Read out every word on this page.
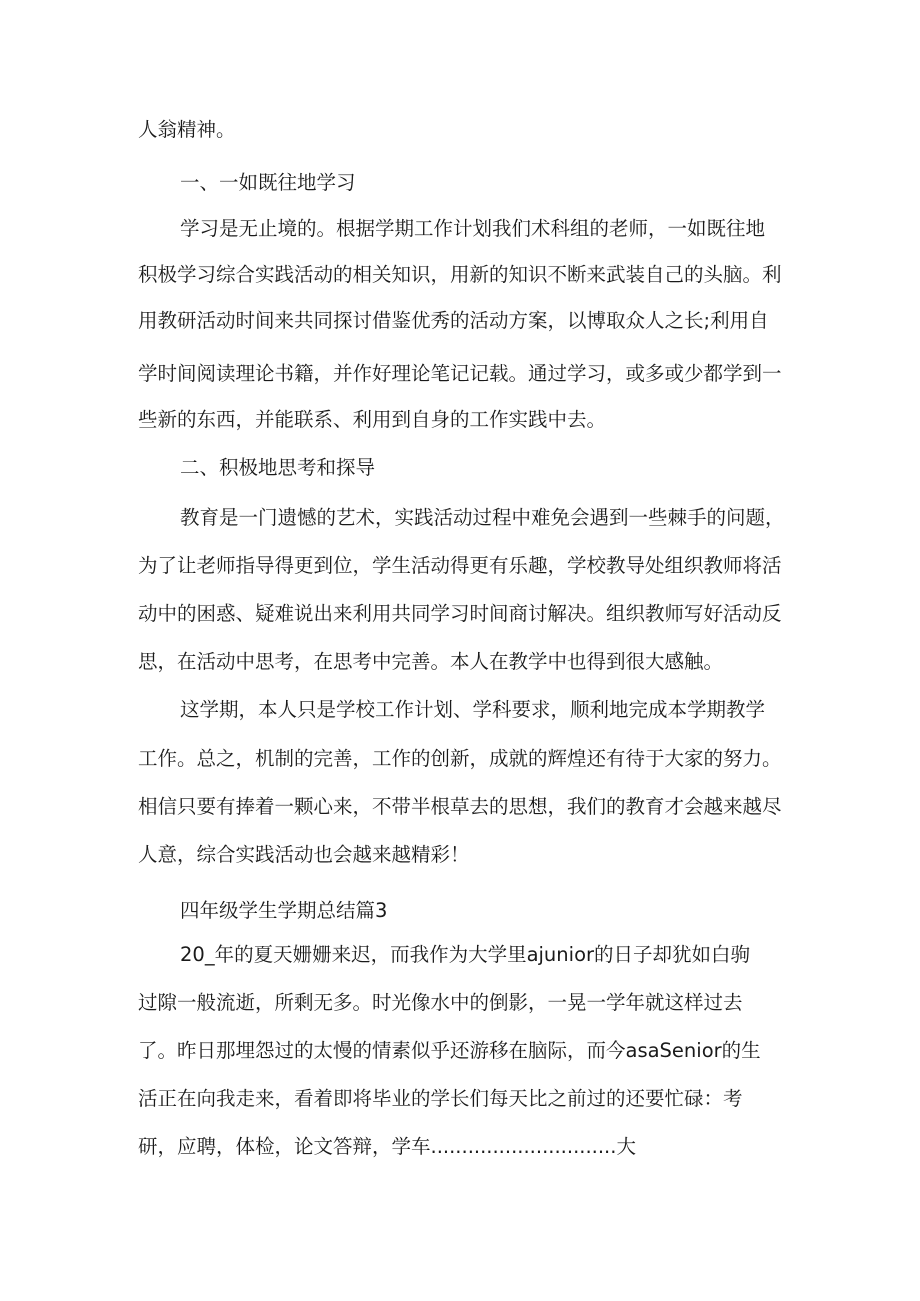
人翁精神。
一、一如既往地学习
学习是无止境的。根据学期工作计划我们术科组的老师，一如既往地
积极学习综合实践活动的相关知识，用新的知识不断来武装自己的头脑。利
用教研活动时间来共同探讨借鉴优秀的活动方案，以博取众人之长;利用自
学时间阅读理论书籍，并作好理论笔记记载。通过学习，或多或少都学到一
些新的东西，并能联系、利用到自身的工作实践中去。
二、积极地思考和探导
教育是一门遗憾的艺术，实践活动过程中难免会遇到一些棘手的问题，
为了让老师指导得更到位，学生活动得更有乐趣，学校教导处组织教师将活
动中的困惑、疑难说出来利用共同学习时间商讨解决。组织教师写好活动反
思，在活动中思考，在思考中完善。本人在教学中也得到很大感触。
这学期，本人只是学校工作计划、学科要求，顺利地完成本学期教学
工作。总之，机制的完善，工作的创新，成就的辉煌还有待于大家的努力。
相信只要有捧着一颗心来，不带半根草去的思想，我们的教育才会越来越尽
人意，综合实践活动也会越来越精彩！
四年级学生学期总结篇3
20_年的夏天姗姗来迟，而我作为大学里ajunior的日子却犹如白驹
过隙一般流逝，所剩无多。时光像水中的倒影，一晃一学年就这样过去
了。昨日那埋怨过的太慢的情素似乎还游移在脑际，而今asaSenior的生
活正在向我走来，看着即将毕业的学长们每天比之前过的还要忙碌：考
研，应聘，体检，论文答辩，学车..............................大
